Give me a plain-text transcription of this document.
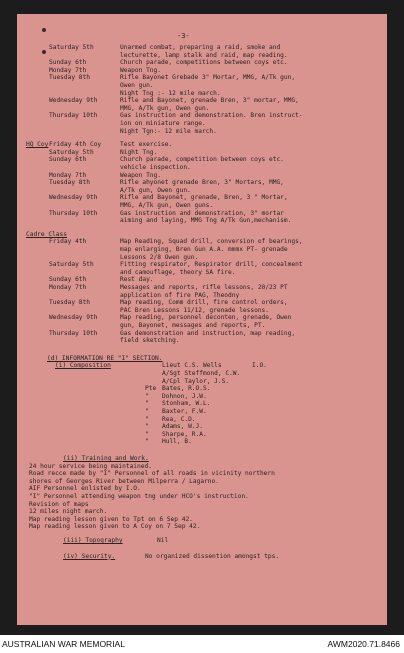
-3-
Saturday 5th	Unarmed combat, preparing a raid, smoke and
lecturette, lamp stalk and raid, map reading.
Sunday 6th	Church parade, competitions between coys etc.
Monday 7th	Weapon Tng.
Tuesday 8th	Rifle Bayonet Grebade 3" Mortar, MMG, A/Tk gun,
Owen gun.
Night Tng :- 12 mile march.
Wednesday 9th	Rifle and Bayonet, grenade Bren, 3" mortar, MMG,
MMG, A/Tk gun, Owen gun.
Thursday 10th	Gas instruction and demonstration. Bren instruct-
ion on miniature range.
Night Tgn:- 12 mile march.
HQ Coy Friday 4th Coy	Test exercise.
Saturday 5th	Night Tng.
Sunday 6th	Church parade, competition between coys etc.
vehicle inspection.
Monday 7th	Weapon Tng.
Tuesday 8th	Rifle ahyonet grenade Bren, 3" Mortars, MMG,
A/Tk gun, Owen gun.
Wednesday 9th	Rifle and Bayonet, grenade, Bren, 3 " Mortar,
MMG, A/Tk gun, Owen guns.
Thursday 10th	Gas instruction and demonstration, 3" mortar
aiming and laying, MMG Tng A/Tk Gun,mechanism.
Cadre Class
Friday 4th	Map Reading, Squad drill, conversion of bearings,
map enlarging, Bren Gun A.A. mmmx PT- grenade
Lessons 2/8 Owen gun.
Saturday 5th	Fitting respirator, Respirator drill, concealment
and camouflage, theory SA fire.
Sunday 6th	Rest day.
Monday 7th	Messages and reports, rifle lessons, 20/23 PT
application of fire PAG, Theodny
Tuesday 8th	Map reading, Comm drill, fire control orders,
PAC Bren Lessons 11/12, grenade lessons.
Wednesday 9th	Map reading, personnel deconten, grenade, Owen
gun, Bayonet, messages and reports, PT.
Thursday 10th	Gas demonstration and instruction, map reading,
field sketching.
(d) INFORMATION RE "I" SECTION.
(i) Composition	Lieut C.S. Wells	I.O.
A/Sgt Steffmond, C.W.
A/Cpl Taylor, J.S.
Pte Bates, R.O.S.
" Dohnon, J.W.
" Stonham, W.L.
" Baxter, F.W.
" Rea, C.D.
" Adams, W.J.
" Sharpe, R.A.
" Hull, B.
(ii) Training and Work.
24 hour service being maintained.
Road recce made by "I" Personnel of all roads in vicinity northern
shores of Georges River between Milperra / Lagarno.
AIF Personnel enlisted by I.O.
"I" Personnel attending weapon tng under HCO's instruction.
Revision of maps
12 miles night march.
Map reading lesson given to Tpt on 6 Sep 42.
Map reading lesson given to A Coy on 7 Sep 42.
(iii) Topography	Nil
(iv) Security.	No organized dissention amongst tps.
AUSTRALIAN WAR MEMORIAL	AWM2020.71.8466
